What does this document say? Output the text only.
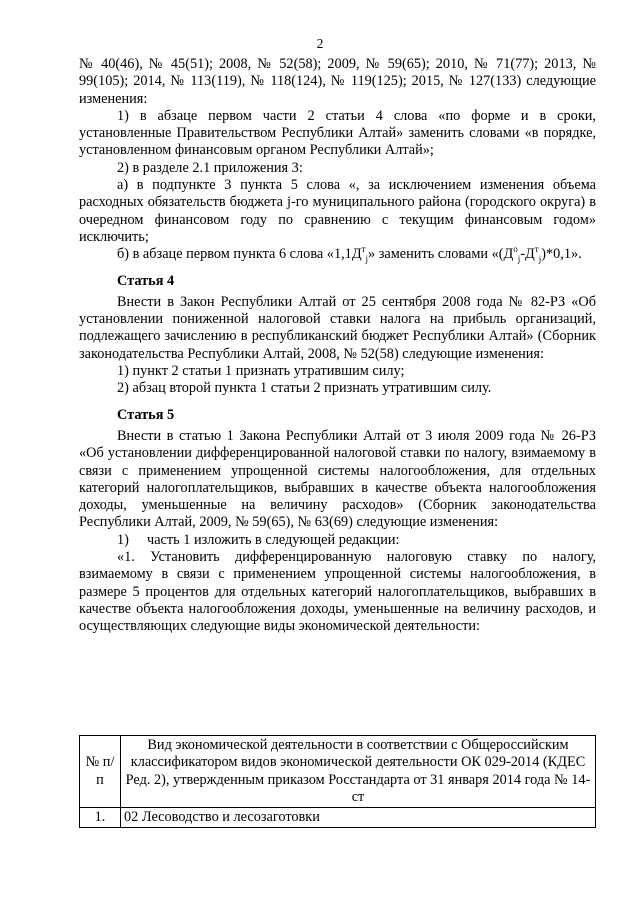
2

№ 40(46), № 45(51); 2008, № 52(58); 2009, № 59(65); 2010, № 71(77); 2013, № 99(105); 2014, № 113(119), № 118(124), № 119(125); 2015, № 127(133) следующие изменения:

1) в абзаце первом части 2 статьи 4 слова «по форме и в сроки, установленные Правительством Республики Алтай» заменить словами «в порядке, установленном финансовым органом Республики Алтай»;

2) в разделе 2.1 приложения 3:

а) в подпункте 3 пункта 5 слова «, за исключением изменения объема расходных обязательств бюджета j-го муниципального района (городского округа) в очередном финансовом году по сравнению с текущим финансовым годом» исключить;

б) в абзаце первом пункта 6 слова «$1,1Д^т_j$» заменить словами «$(Д^о_j-Д^т_j)*0,1$».

Статья 4

Внести в Закон Республики Алтай от 25 сентября 2008 года № 82-РЗ «Об установлении пониженной налоговой ставки налога на прибыль организаций, подлежащего зачислению в республиканский бюджет Республики Алтай» (Сборник законодательства Республики Алтай, 2008, № 52(58) следующие изменения:

1) пункт 2 статьи 1 признать утратившим силу;

2) абзац второй пункта 1 статьи 2 признать утратившим силу.

Статья 5

Внести в статью 1 Закона Республики Алтай от 3 июля 2009 года № 26-РЗ «Об установлении дифференцированной налоговой ставки по налогу, взимаемому в связи с применением упрощенной системы налогообложения, для отдельных категорий налогоплательщиков, выбравших в качестве объекта налогообложения доходы, уменьшенные на величину расходов» (Сборник законодательства Республики Алтай, 2009, № 59(65), № 63(69) следующие изменения:

1) часть 1 изложить в следующей редакции:

«1. Установить дифференцированную налоговую ставку по налогу, взимаемому в связи с применением упрощенной системы налогообложения, в размере 5 процентов для отдельных категорий налогоплательщиков, выбравших в качестве объекта налогообложения доходы, уменьшенные на величину расходов, и осуществляющих следующие виды экономической деятельности:

№ п/п	Вид экономической деятельности в соответствии с Общероссийским классификатором видов экономической деятельности ОК 029-2014 (КДЕС Ред. 2), утвержденным приказом Росстандарта от 31 января 2014 года № 14-ст
1.	02 Лесоводство и лесозаготовки
